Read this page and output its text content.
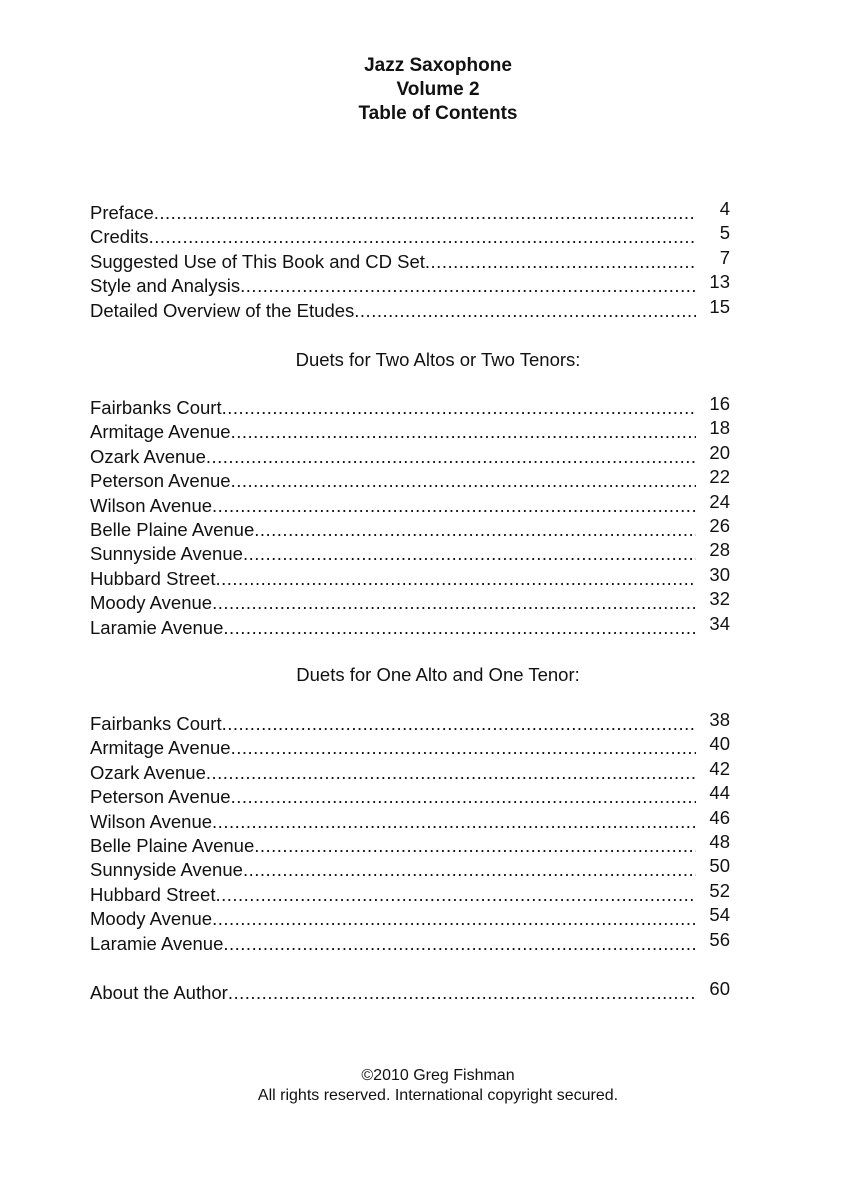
Jazz Saxophone
Volume 2
Table of Contents
Preface .....	4
Credits .....	5
Suggested Use of This Book and CD Set .....	7
Style and Analysis .....	13
Detailed Overview of the Etudes .....	15
Duets for Two Altos or Two Tenors:
Fairbanks Court .....	16
Armitage Avenue .....	18
Ozark Avenue .....	20
Peterson Avenue .....	22
Wilson Avenue .....	24
Belle Plaine Avenue .....	26
Sunnyside Avenue .....	28
Hubbard Street .....	30
Moody Avenue .....	32
Laramie Avenue .....	34
Duets for One Alto and One Tenor:
Fairbanks Court .....	38
Armitage Avenue .....	40
Ozark Avenue .....	42
Peterson Avenue .....	44
Wilson Avenue .....	46
Belle Plaine Avenue .....	48
Sunnyside Avenue .....	50
Hubbard Street .....	52
Moody Avenue .....	54
Laramie Avenue .....	56
About the Author .....	60
©2010 Greg Fishman
All rights reserved. International copyright secured.
